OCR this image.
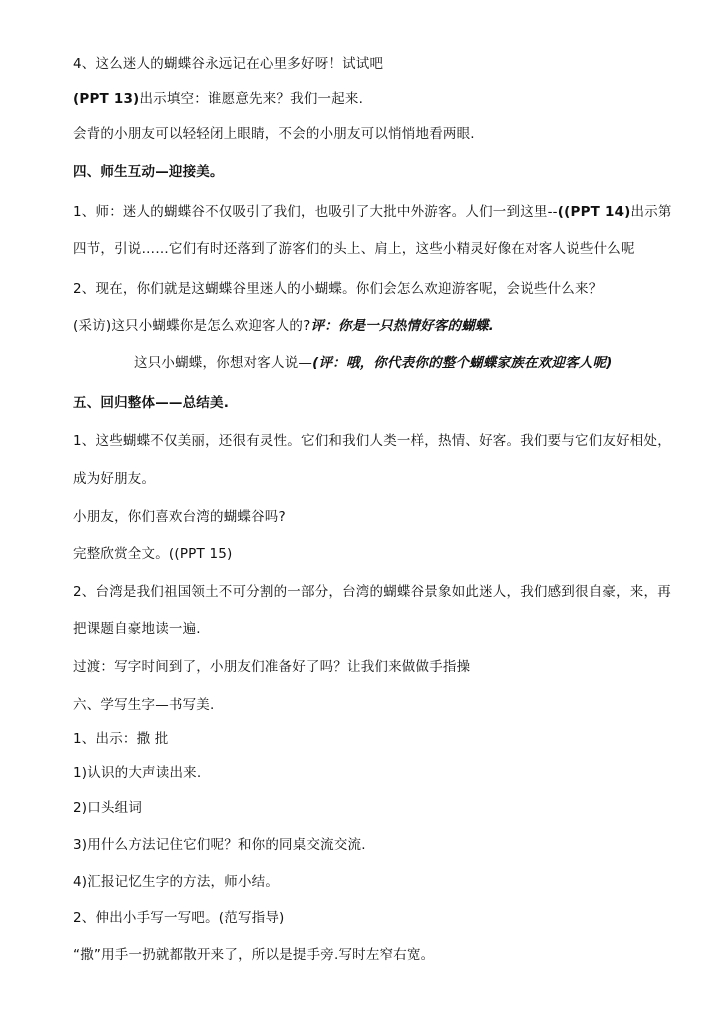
4、这么迷人的蝴蝶谷永远记在心里多好呀！试试吧
(PPT 13)出示填空：谁愿意先来？我们一起来.
会背的小朋友可以轻轻闭上眼睛，不会的小朋友可以悄悄地看两眼.
四、师生互动—迎接美。
1、师：迷人的蝴蝶谷不仅吸引了我们，也吸引了大批中外游客。人们一到这里--((PPT 14)出示第
四节，引说……它们有时还落到了游客们的头上、肩上，这些小精灵好像在对客人说些什么呢
2、现在，你们就是这蝴蝶谷里迷人的小蝴蝶。你们会怎么欢迎游客呢，会说些什么来？
(采访)这只小蝴蝶你是怎么欢迎客人的?评：你是一只热情好客的蝴蝶.
这只小蝴蝶，你想对客人说—(评：哦，你代表你的整个蝴蝶家族在欢迎客人呢)
五、回归整体——总结美.
1、这些蝴蝶不仅美丽，还很有灵性。它们和我们人类一样，热情、好客。我们要与它们友好相处，
成为好朋友。
小朋友，你们喜欢台湾的蝴蝶谷吗?
完整欣赏全文。((PPT 15)
2、台湾是我们祖国领土不可分割的一部分，台湾的蝴蝶谷景象如此迷人，我们感到很自豪，来，再
把课题自豪地读一遍.
过渡：写字时间到了，小朋友们准备好了吗？让我们来做做手指操
六、学写生字—书写美.
1、出示：撒 批
1)认识的大声读出来.
2)口头组词
3)用什么方法记住它们呢？和你的同桌交流交流.
4)汇报记忆生字的方法，师小结。
2、伸出小手写一写吧。(范写指导)
“撒”用手一扔就都散开来了，所以是提手旁.写时左窄右宽。
